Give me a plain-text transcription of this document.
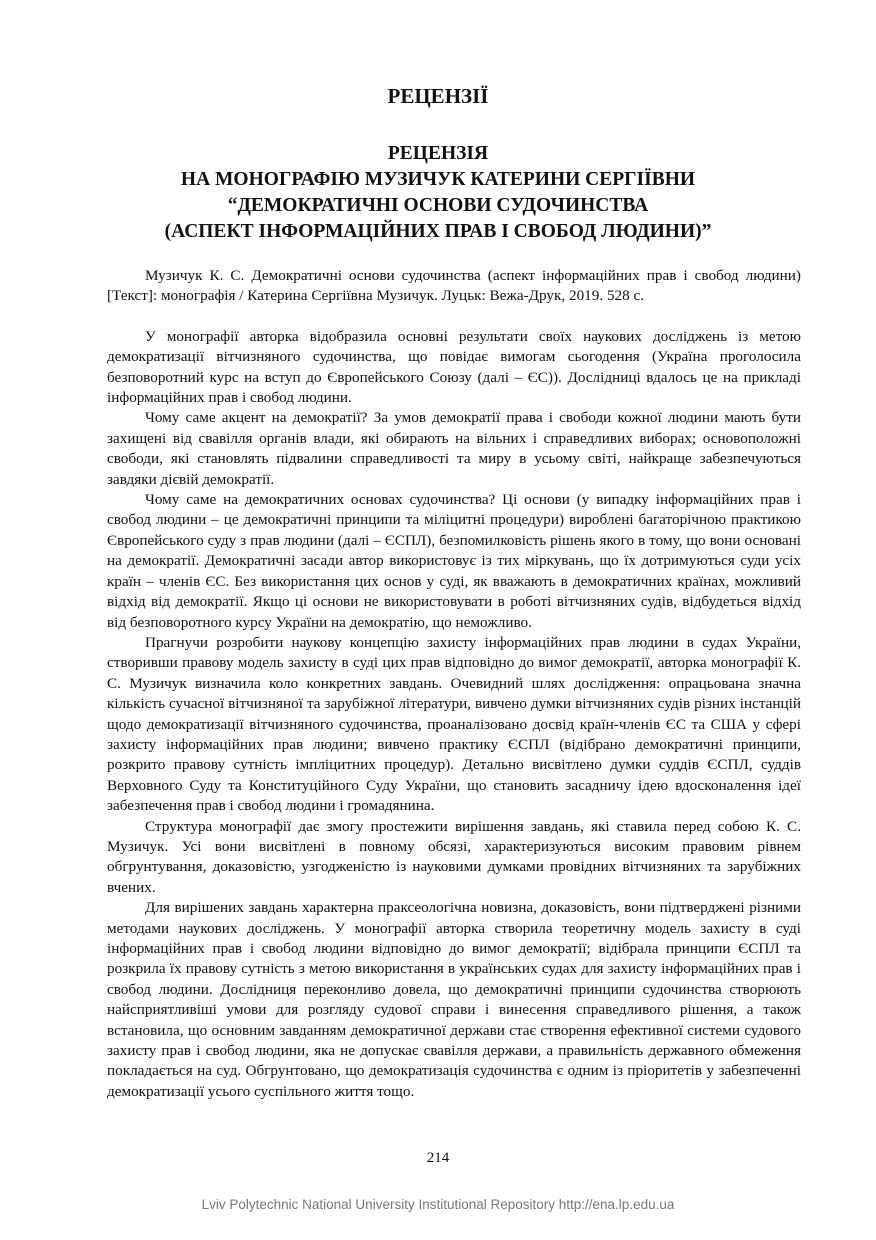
РЕЦЕНЗІЇ
РЕЦЕНЗІЯ
НА МОНОГРАФІЮ МУЗИЧУК КАТЕРИНИ СЕРГІЇВНИ
“ДЕМОКРАТИЧНІ ОСНОВИ СУДОЧИНСТВА
(АСПЕКТ ІНФОРМАЦІЙНИХ ПРАВ І СВОБОД ЛЮДИНИ)”

Музичук К. С. Демократичні основи судочинства (аспект інформаційних прав і свобод людини) [Текст]: монографія / Катерина Сергіївна Музичук. Луцьк: Вежа-Друк, 2019. 528 с.

У монографії авторка відобразила основні результати своїх наукових досліджень із метою демократизації вітчизняного судочинства, що повідає вимогам сьогодення (Україна проголосила безповоротний курс на вступ до Європейського Союзу (далі – ЄС)). Дослідниці вдалось це на прикладі інформаційних прав і свобод людини.

Чому саме акцент на демократії? За умов демократії права і свободи кожної людини мають бути захищені від свавілля органів влади, які обирають на вільних і справедливих виборах; основоположні свободи, які становлять підвалини справедливості та миру в усьому світі, найкраще забезпечуються завдяки дієвій демократії.

Чому саме на демократичних основах судочинства? Ці основи (у випадку інформаційних прав і свобод людини – це демократичні принципи та мiлiцитні процедури) вироблені багаторічною практикою Європейського суду з прав людини (далі – ЄСПЛ), безпомилковість рішень якого в тому, що вони основані на демократії. Демократичні засади автор використовує із тих міркувань, що їх дотримуються суди усіх країн – членів ЄС. Без використання цих основ у суді, як вважають в демократичних країнах, можливий відхід від демократії. Якщо ці основи не використовувати в роботі вітчизняних судів, відбудеться відхід від безповоротного курсу України на демократію, що неможливо.

Прагнучи розробити наукову концепцію захисту інформаційних прав людини в судах України, створивши правову модель захисту в суді цих прав відповідно до вимог демократії, авторка монографії К. С. Музичук визначила коло конкретних завдань. Очевидний шлях дослідження: опрацьована значна кількість сучасної вітчизняної та зарубіжної літератури, вивчено думки вітчизняних судів різних інстанцій щодо демократизації вітчизняного судочинства, проаналізовано досвід країн-членів ЄС та США у сфері захисту інформаційних прав людини; вивчено практику ЄСПЛ (відібрано демократичні принципи, розкрито правову сутність імпліцитних процедур). Детально висвітлено думки суддів ЄСПЛ, суддів Верховного Суду та Конституційного Суду України, що становить засадничу ідею вдосконалення ідеї забезпечення прав і свобод людини і громадянина.

Структура монографії дає змогу простежити вирішення завдань, які ставила перед собою К. С. Музичук. Усі вони висвітлені в повному обсязі, характеризуються високим правовим рівнем обгрунтування, доказовістю, узгодженістю із науковими думками провідних вітчизняних та зарубіжних вчених.

Для вирішених завдань характерна праксеологічна новизна, доказовість, вони підтверджені різними методами наукових досліджень. У монографії авторка створила теоретичну модель захисту в суді інформаційних прав і свобод людини відповідно до вимог демократії; відібрала принципи ЄСПЛ та розкрила їх правову сутність з метою використання в українських судах для захисту інформаційних прав і свобод людини. Дослідниця переконливо довела, що демократичні принципи судочинства створюють найсприятливіші умови для розгляду судової справи і винесення справедливого рішення, а також встановила, що основним завданням демократичної держави стає створення ефективної системи судового захисту прав і свобод людини, яка не допускає свавілля держави, а правильність державного обмеження покладається на суд. Обгрунтовано, що демократизація судочинства є одним із пріоритетів у забезпеченні демократизації усього суспільного життя тощо.

214
Lviv Polytechnic National University Institutional Repository http://ena.lp.edu.ua
